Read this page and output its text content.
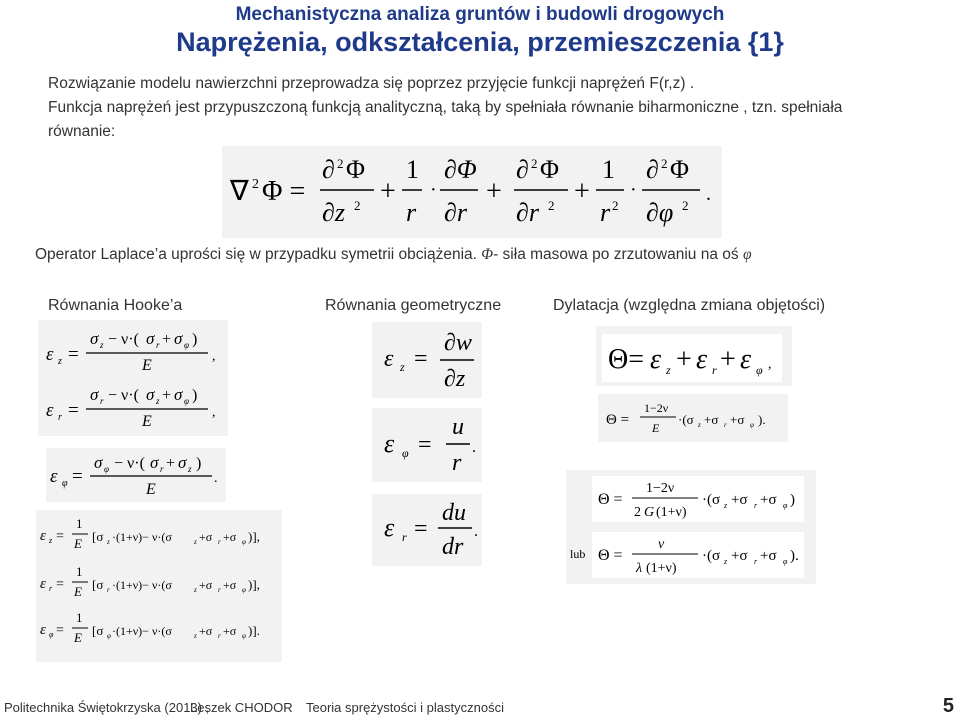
Mechanistyczna analiza gruntów i budowli drogowych
Naprężenia, odkształcenia, przemieszczenia {1}
Rozwiązanie modelu nawierzchni przeprowadza się poprzez przyjęcie funkcji naprężeń F(r,z) .
Funkcja naprężeń jest przypuszczoną funkcją analityczną, taką by spełniała równanie biharmoniczne , tzn. spełniała
równanie:
∇ 2 Φ =
∂ 2 Φ
∂z 2 +
1
r
·
∂Φ
∂r
+
∂ 2 Φ
∂r 2 +
1
r 2
·
∂ 2 Φ
∂φ 2
.
Operator Laplace’a uprości się w przypadku symetrii obciążenia. Φ- siła masowa po zrzutowaniu na oś φ
Równania Hooke’a	Równania geometryczne	Dylatacja (względna zmiana objętości)
ε z =
σ z − ν·( σ r + σ φ )
E
,
ε r =
σ r − ν·( σ z + σ φ )
E
,
ε φ =
σ φ − ν·( σ r + σ z )
E
.
ε z =
1
E [σ z ·(1+ν)− ν·(σ	z +σ r +σ φ )],
ε r =
1
E [σ r ·(1+ν)− ν·(σ	z +σ r +σ φ )],
ε φ =
1
E [σ φ ·(1+ν)− ν·(σ	z +σ r +σ φ )].
ε z =
∂w
∂z
ε φ =
u
r
.
ε r =
du
dr
.
Θ= ε z + ε r + ε φ ,
Θ =
1−2ν
E
·(σ z +σ r +σ φ ).
Θ =
1−2ν
2 G (1+ν)
·(σ z +σ r +σ φ )
lub Θ =
ν
λ (1+ν)
·(σ z +σ r +σ φ ).
Politechnika Świętokrzyska (2013) ,
Leszek CHODOR Teoria sprężystości i plastyczności	5
